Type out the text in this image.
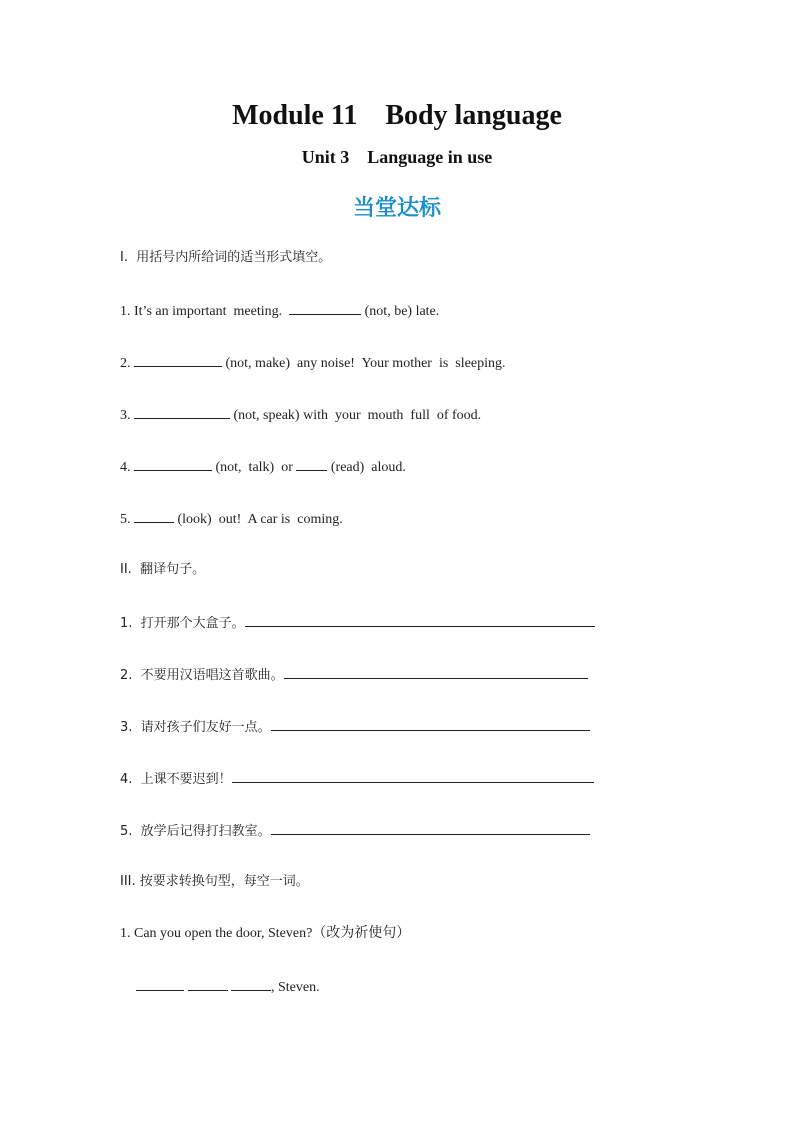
Module 11    Body language
Unit 3    Language in use
当堂达标
I.  用括号内所给词的适当形式填空。
1. It’s an important  meeting.	(not, be) late.
2.	(not, make)  any noise!  Your mother  is  sleeping.
3.	(not, speak) with  your  mouth  full  of food.
4.	(not,  talk)  or  (read)  aloud.
5.	(look)  out!  A car is  coming.
II.  翻译句子。
1.  打开那个大盒子。
2.  不要用汉语唱这首歌曲。
3.  请对孩子们友好一点。
4.  上课不要迟到！
5.  放学后记得打扫教室。
III. 按要求转换句型，每空一词。
1. Can you open the door, Steven?（改为祈使句）
, Steven.
